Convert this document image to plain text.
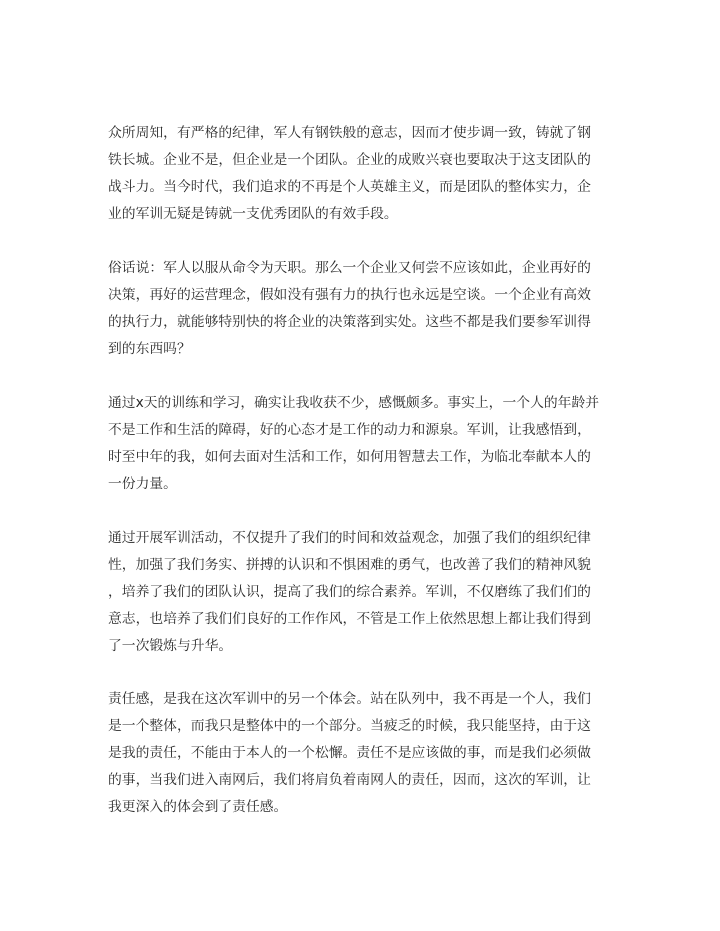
众所周知，有严格的纪律，军人有钢铁般的意志，因而才使步调一致，铸就了钢
铁长城。企业不是，但企业是一个团队。企业的成败兴衰也要取决于这支团队的
战斗力。当今时代，我们追求的不再是个人英雄主义，而是团队的整体实力，企
业的军训无疑是铸就一支优秀团队的有效手段。
俗话说：军人以服从命令为天职。那么一个企业又何尝不应该如此，企业再好的
决策，再好的运营理念，假如没有强有力的执行也永远是空谈。一个企业有高效
的执行力，就能够特别快的将企业的决策落到实处。这些不都是我们要参军训得
到的东西吗？
通过x天的训练和学习，确实让我收获不少，感慨颇多。事实上，一个人的年龄并
不是工作和生活的障碍，好的心态才是工作的动力和源泉。军训，让我感悟到，
时至中年的我，如何去面对生活和工作，如何用智慧去工作，为临北奉献本人的
一份力量。
通过开展军训活动，不仅提升了我们的时间和效益观念，加强了我们的组织纪律
性，加强了我们务实、拼搏的认识和不惧困难的勇气，也改善了我们的精神风貌
，培养了我们的团队认识，提高了我们的综合素养。军训，不仅磨练了我们们的
意志，也培养了我们们良好的工作作风，不管是工作上依然思想上都让我们得到
了一次锻炼与升华。
责任感，是我在这次军训中的另一个体会。站在队列中，我不再是一个人，我们
是一个整体，而我只是整体中的一个部分。当疲乏的时候，我只能坚持，由于这
是我的责任，不能由于本人的一个松懈。责任不是应该做的事，而是我们必须做
的事，当我们进入南网后，我们将肩负着南网人的责任，因而，这次的军训，让
我更深入的体会到了责任感。
